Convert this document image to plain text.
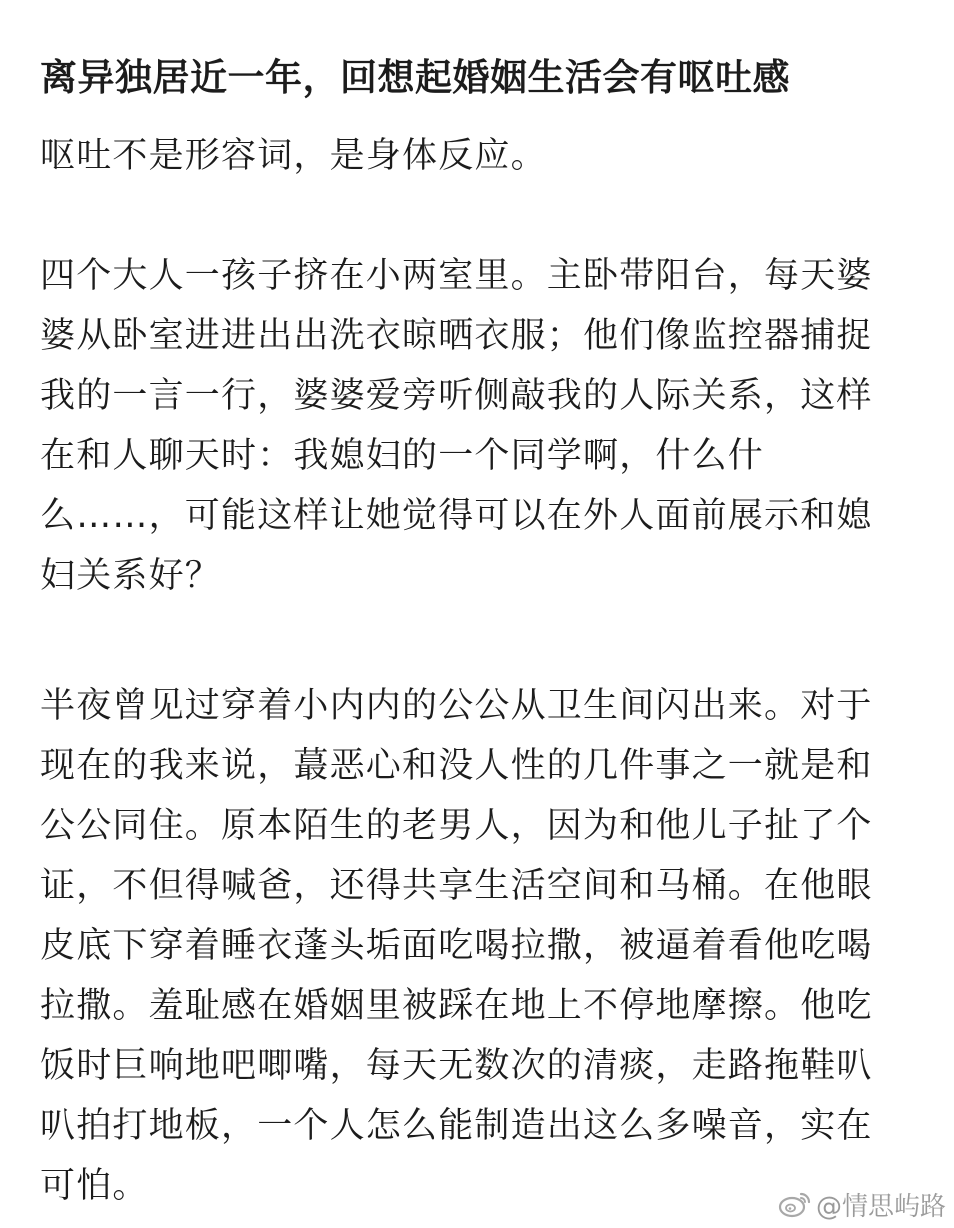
离异独居近一年，回想起婚姻生活会有呕吐感
呕吐不是形容词，是身体反应。
四个大人一孩子挤在小两室里。主卧带阳台，每天婆
婆从卧室进进出出洗衣晾晒衣服；他们像监控器捕捉
我的一言一行，婆婆爱旁听侧敲我的人际关系，这样
在和人聊天时：我媳妇的一个同学啊，什么什
么……，可能这样让她觉得可以在外人面前展示和媳
妇关系好？
半夜曾见过穿着小内内的公公从卫生间闪出来。对于
现在的我来说，蕞恶心和没人性的几件事之一就是和
公公同住。原本陌生的老男人，因为和他儿子扯了个
证，不但得喊爸，还得共享生活空间和马桶。在他眼
皮底下穿着睡衣蓬头垢面吃喝拉撒，被逼着看他吃喝
拉撒。羞耻感在婚姻里被踩在地上不停地摩擦。他吃
饭时巨响地吧唧嘴，每天无数次的清痰，走路拖鞋叭
叭拍打地板，一个人怎么能制造出这么多噪音，实在
可怕。
@情思屿路
